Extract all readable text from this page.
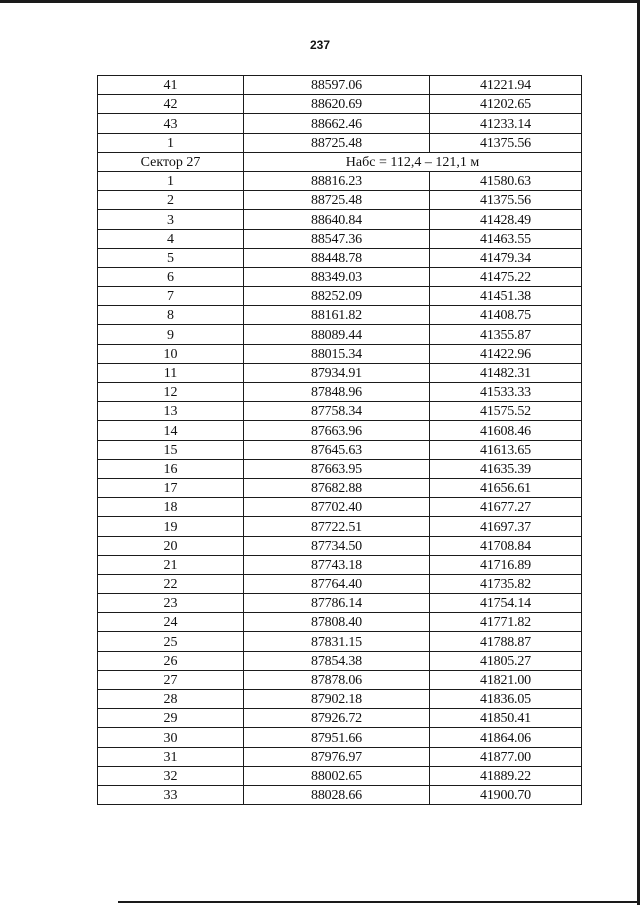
237
41	88597.06	41221.94
42	88620.69	41202.65
43	88662.46	41233.14
1	88725.48	41375.56
Сектор 27	Набс = 112,4 – 121,1 м	
1	88816.23	41580.63
2	88725.48	41375.56
3	88640.84	41428.49
4	88547.36	41463.55
5	88448.78	41479.34
6	88349.03	41475.22
7	88252.09	41451.38
8	88161.82	41408.75
9	88089.44	41355.87
10	88015.34	41422.96
11	87934.91	41482.31
12	87848.96	41533.33
13	87758.34	41575.52
14	87663.96	41608.46
15	87645.63	41613.65
16	87663.95	41635.39
17	87682.88	41656.61
18	87702.40	41677.27
19	87722.51	41697.37
20	87734.50	41708.84
21	87743.18	41716.89
22	87764.40	41735.82
23	87786.14	41754.14
24	87808.40	41771.82
25	87831.15	41788.87
26	87854.38	41805.27
27	87878.06	41821.00
28	87902.18	41836.05
29	87926.72	41850.41
30	87951.66	41864.06
31	87976.97	41877.00
32	88002.65	41889.22
33	88028.66	41900.70
